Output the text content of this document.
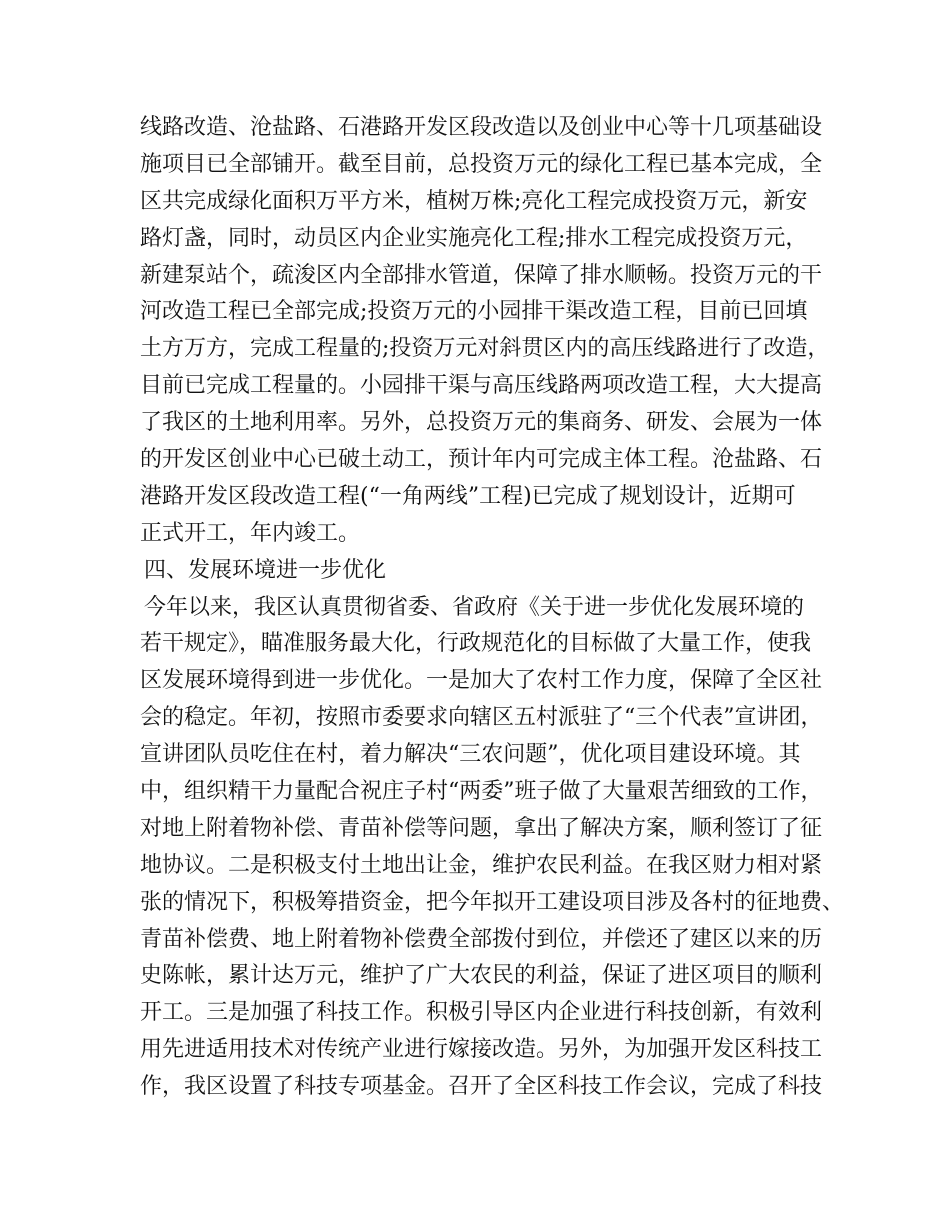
线路改造、沧盐路、石港路开发区段改造以及创业中心等十几项基础设
施项目已全部铺开。截至目前，总投资万元的绿化工程已基本完成，全
区共完成绿化面积万平方米，植树万株;亮化工程完成投资万元，新安
路灯盏，同时，动员区内企业实施亮化工程;排水工程完成投资万元，
新建泵站个，疏浚区内全部排水管道，保障了排水顺畅。投资万元的干
河改造工程已全部完成;投资万元的小园排干渠改造工程，目前已回填
土方万方，完成工程量的;投资万元对斜贯区内的高压线路进行了改造，
目前已完成工程量的。小园排干渠与高压线路两项改造工程，大大提高
了我区的土地利用率。另外，总投资万元的集商务、研发、会展为一体
的开发区创业中心已破土动工，预计年内可完成主体工程。沧盐路、石
港路开发区段改造工程(“一角两线”工程)已完成了规划设计，近期可
正式开工，年内竣工。
四、发展环境进一步优化
今年以来，我区认真贯彻省委、省政府《关于进一步优化发展环境的
若干规定》，瞄准服务最大化，行政规范化的目标做了大量工作，使我
区发展环境得到进一步优化。一是加大了农村工作力度，保障了全区社
会的稳定。年初，按照市委要求向辖区五村派驻了“三个代表”宣讲团，
宣讲团队员吃住在村，着力解决“三农问题”，优化项目建设环境。其
中，组织精干力量配合祝庄子村“两委”班子做了大量艰苦细致的工作，
对地上附着物补偿、青苗补偿等问题，拿出了解决方案，顺利签订了征
地协议。二是积极支付土地出让金，维护农民利益。在我区财力相对紧
张的情况下，积极筹措资金，把今年拟开工建设项目涉及各村的征地费、
青苗补偿费、地上附着物补偿费全部拨付到位，并偿还了建区以来的历
史陈帐，累计达万元，维护了广大农民的利益，保证了进区项目的顺利
开工。三是加强了科技工作。积极引导区内企业进行科技创新，有效利
用先进适用技术对传统产业进行嫁接改造。另外，为加强开发区科技工
作，我区设置了科技专项基金。召开了全区科技工作会议，完成了科技
